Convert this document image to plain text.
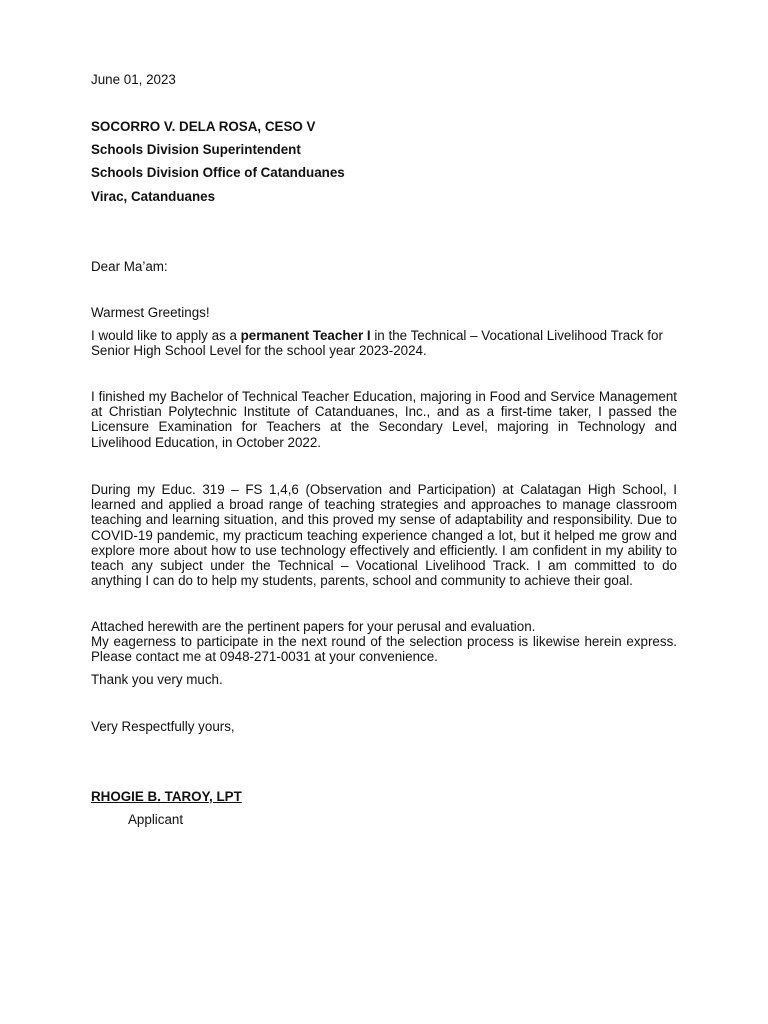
June 01, 2023

SOCORRO V. DELA ROSA, CESO V

Schools Division Superintendent

Schools Division Office of Catanduanes

Virac, Catanduanes

Dear Ma’am:

Warmest Greetings!

I would like to apply as a permanent Teacher I in the Technical – Vocational Livelihood Track for Senior High School Level for the school year 2023-2024.

I finished my Bachelor of Technical Teacher Education, majoring in Food and Service Management at Christian Polytechnic Institute of Catanduanes, Inc., and as a first-time taker, I passed the Licensure Examination for Teachers at the Secondary Level, majoring in Technology and Livelihood Education, in October 2022.

During my Educ. 319 – FS 1,4,6 (Observation and Participation) at Calatagan High School, I learned and applied a broad range of teaching strategies and approaches to manage classroom teaching and learning situation, and this proved my sense of adaptability and responsibility. Due to COVID-19 pandemic, my practicum teaching experience changed a lot, but it helped me grow and explore more about how to use technology effectively and efficiently. I am confident in my ability to teach any subject under the Technical – Vocational Livelihood Track. I am committed to do anything I can do to help my students, parents, school and community to achieve their goal.

Attached herewith are the pertinent papers for your perusal and evaluation.

My eagerness to participate in the next round of the selection process is likewise herein express. Please contact me at 0948-271-0031 at your convenience.

Thank you very much.

Very Respectfully yours,

RHOGIE B. TAROY, LPT

Applicant
